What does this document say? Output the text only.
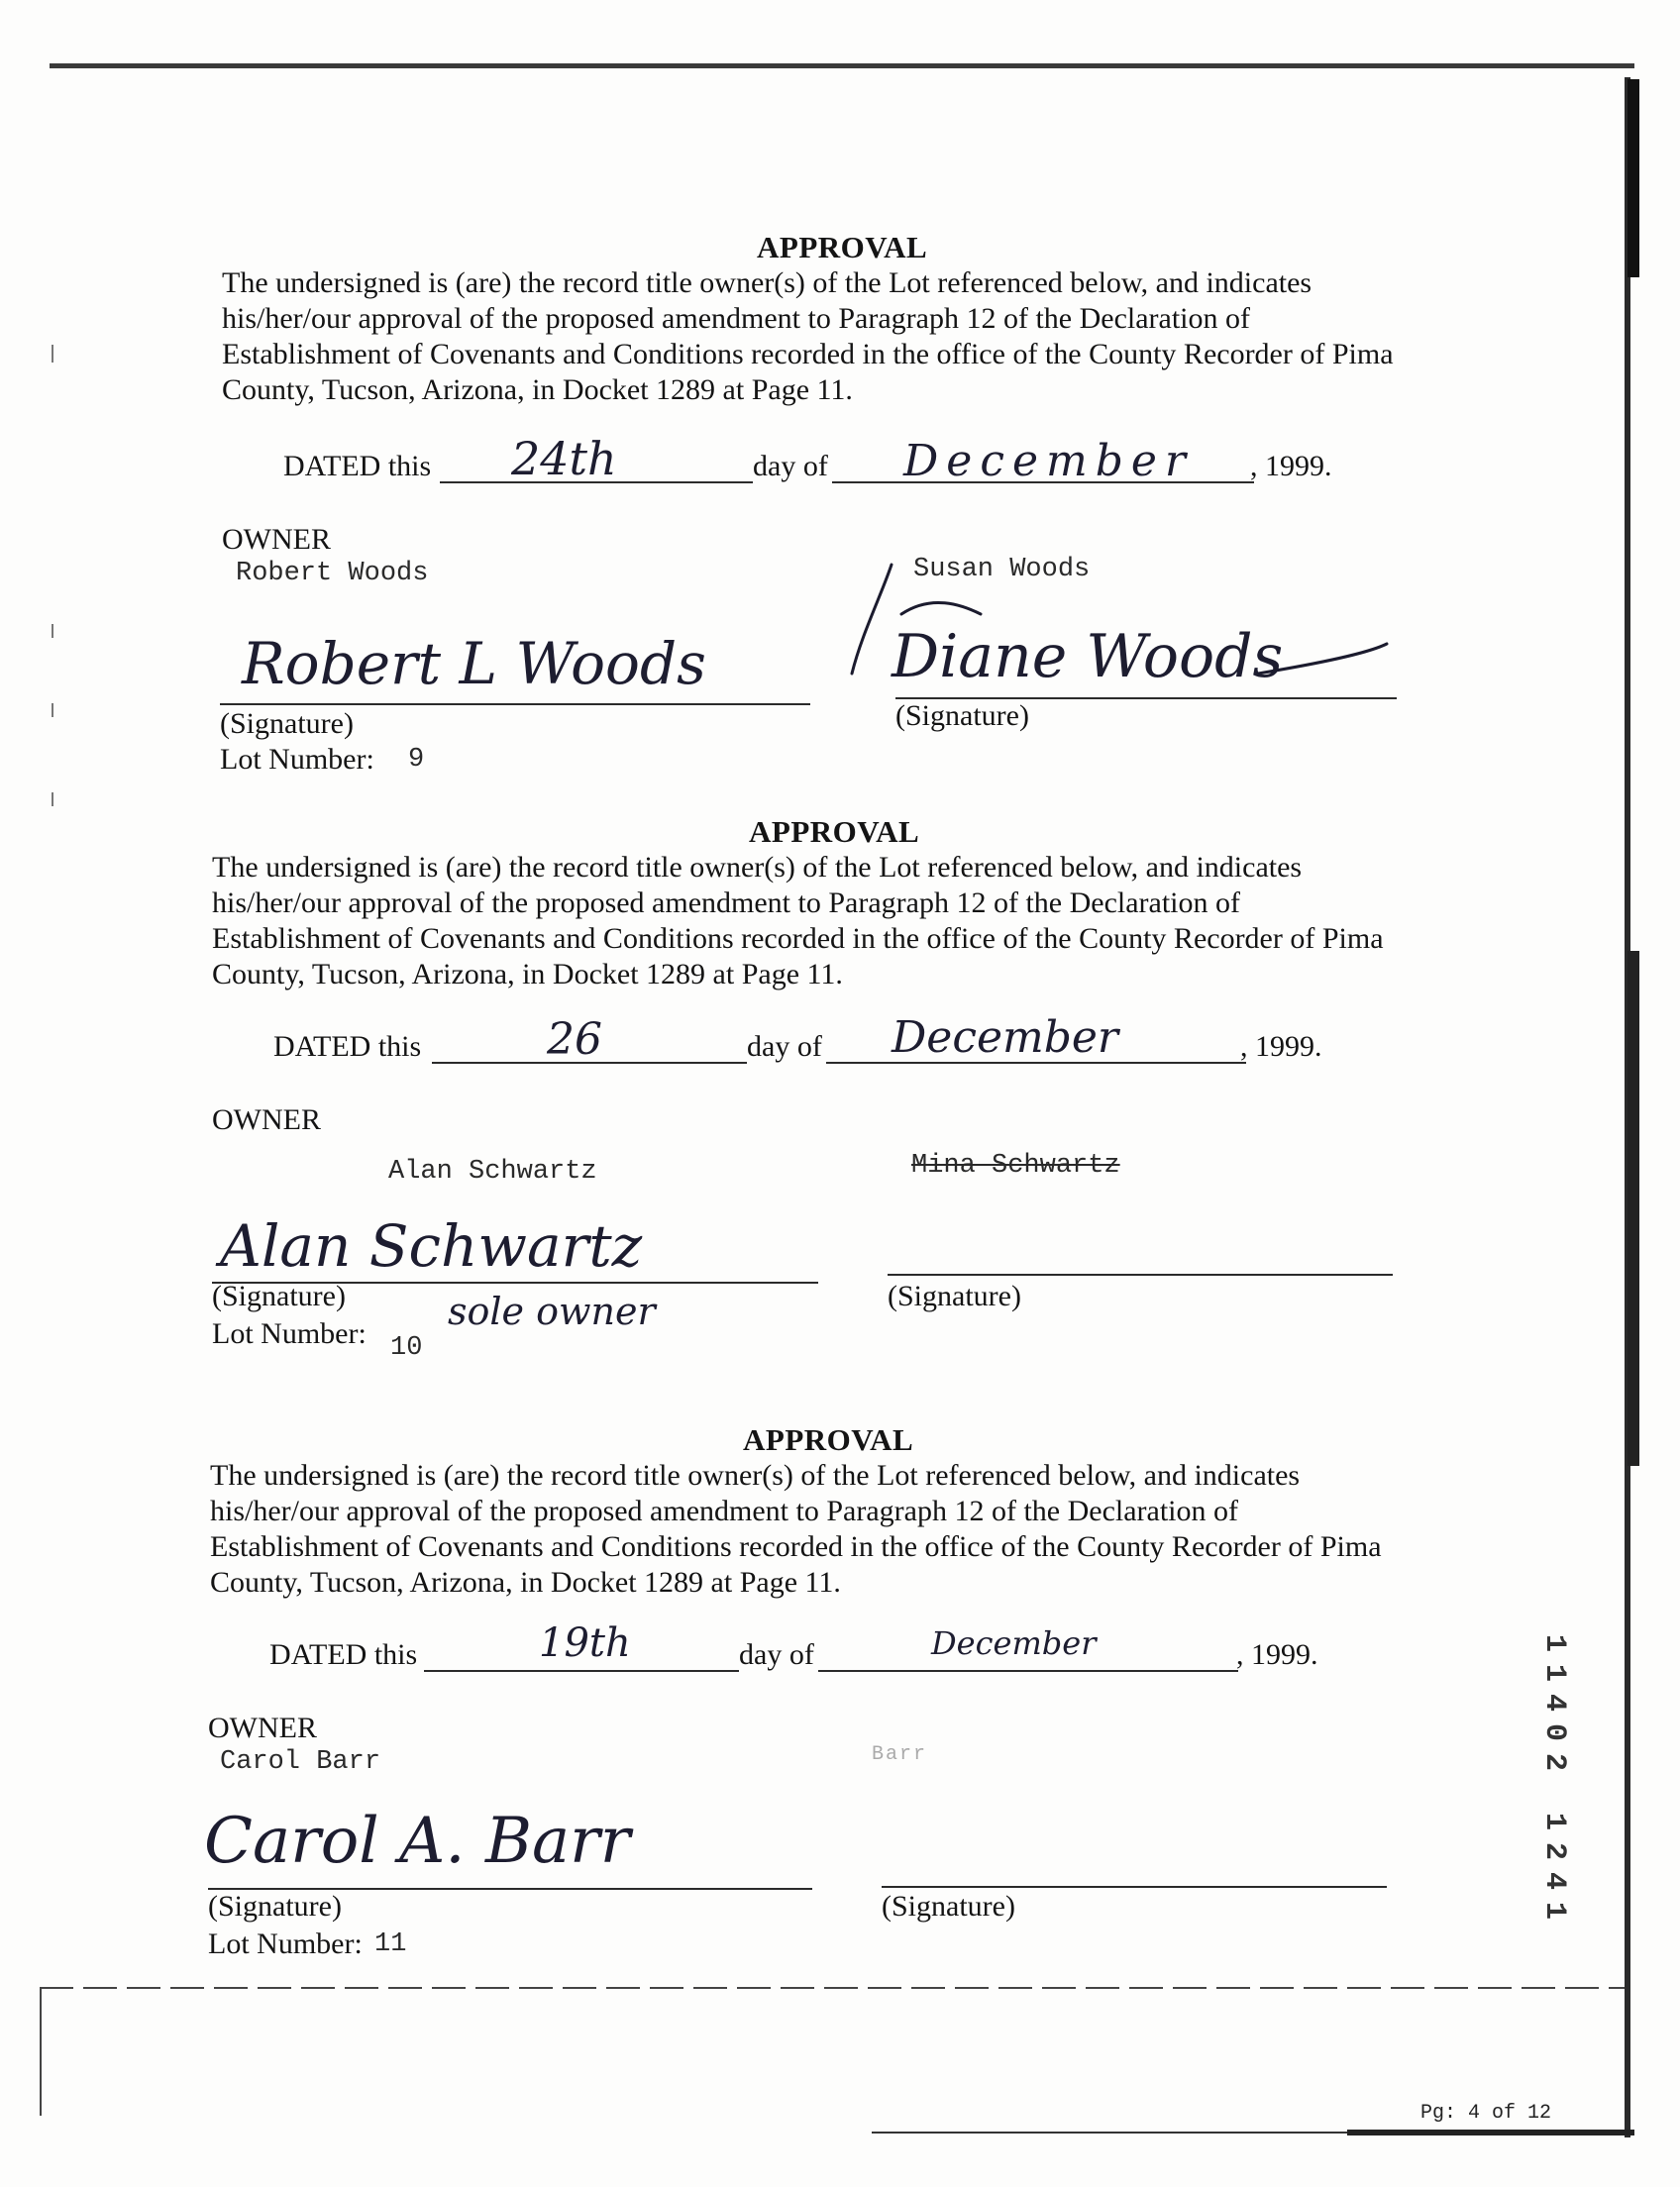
APPROVAL
The undersigned is (are) the record title owner(s) of the Lot referenced below, and indicates
his/her/our approval of the proposed amendment to Paragraph 12 of the Declaration of
Establishment of Covenants and Conditions recorded in the office of the County Recorder of Pima
County, Tucson, Arizona, in Docket 1289 at Page 11.
DATED this 24th	day of December , 1999.
OWNER
Robert Woods	Susan Woods
Robert L Woods	Diane Woods
(Signature)	(Signature)
Lot Number: 9
APPROVAL
The undersigned is (are) the record title owner(s) of the Lot referenced below, and indicates
his/her/our approval of the proposed amendment to Paragraph 12 of the Declaration of
Establishment of Covenants and Conditions recorded in the office of the County Recorder of Pima
County, Tucson, Arizona, in Docket 1289 at Page 11.
DATED this	26	day of December	, 1999.
OWNER
Alan Schwartz	Mina Schwartz
Alan Schwartz
(Signature)	sole owner	(Signature)
Lot Number: 10
APPROVAL
The undersigned is (are) the record title owner(s) of the Lot referenced below, and indicates
his/her/our approval of the proposed amendment to Paragraph 12 of the Declaration of
Establishment of Covenants and Conditions recorded in the office of the County Recorder of Pima
County, Tucson, Arizona, in Docket 1289 at Page 11.
DATED this	19th	day of	December	, 1999.
OWNER
Carol Barr	Barr
Carol A. Barr
(Signature)	(Signature)
Lot Number: 11
11402
1241
Pg: 4 of 12
